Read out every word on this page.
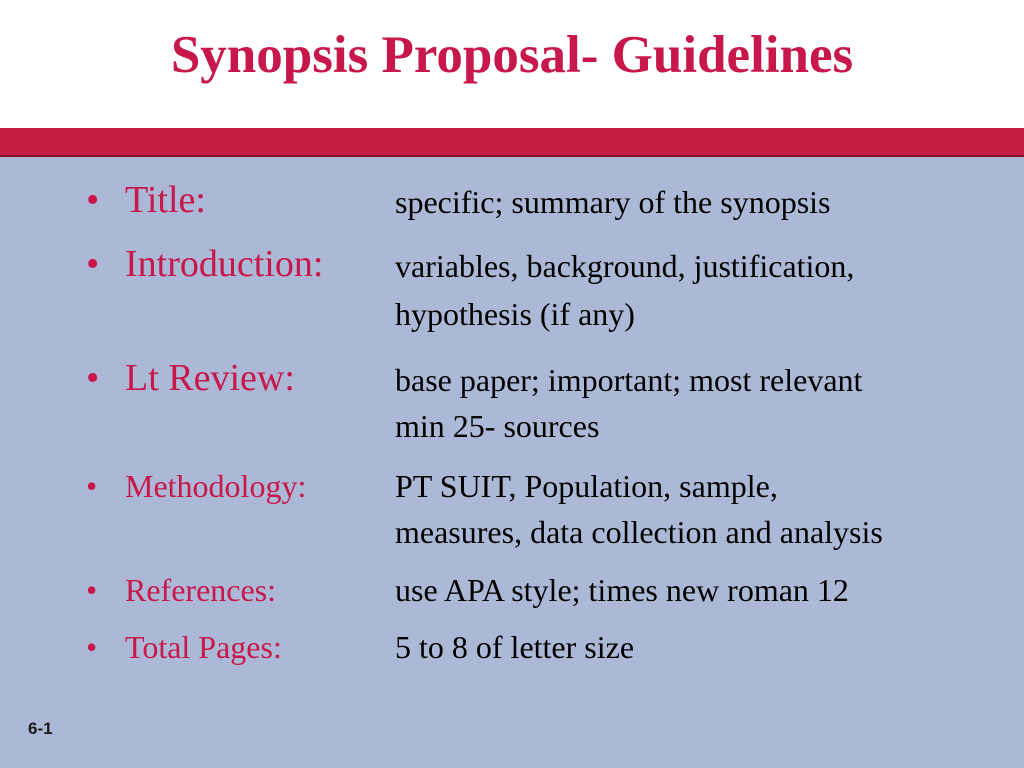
Synopsis Proposal- Guidelines
• Title:	specific; summary of the synopsis
• Introduction: variables, background, justification,
hypothesis (if any)
• Lt Review:	base paper; important; most relevant
min 25- sources
• Methodology:	PT SUIT, Population, sample,
measures, data collection and analysis
• References:	use APA style; times new roman 12
• Total Pages:	5 to 8 of letter size
6-1
